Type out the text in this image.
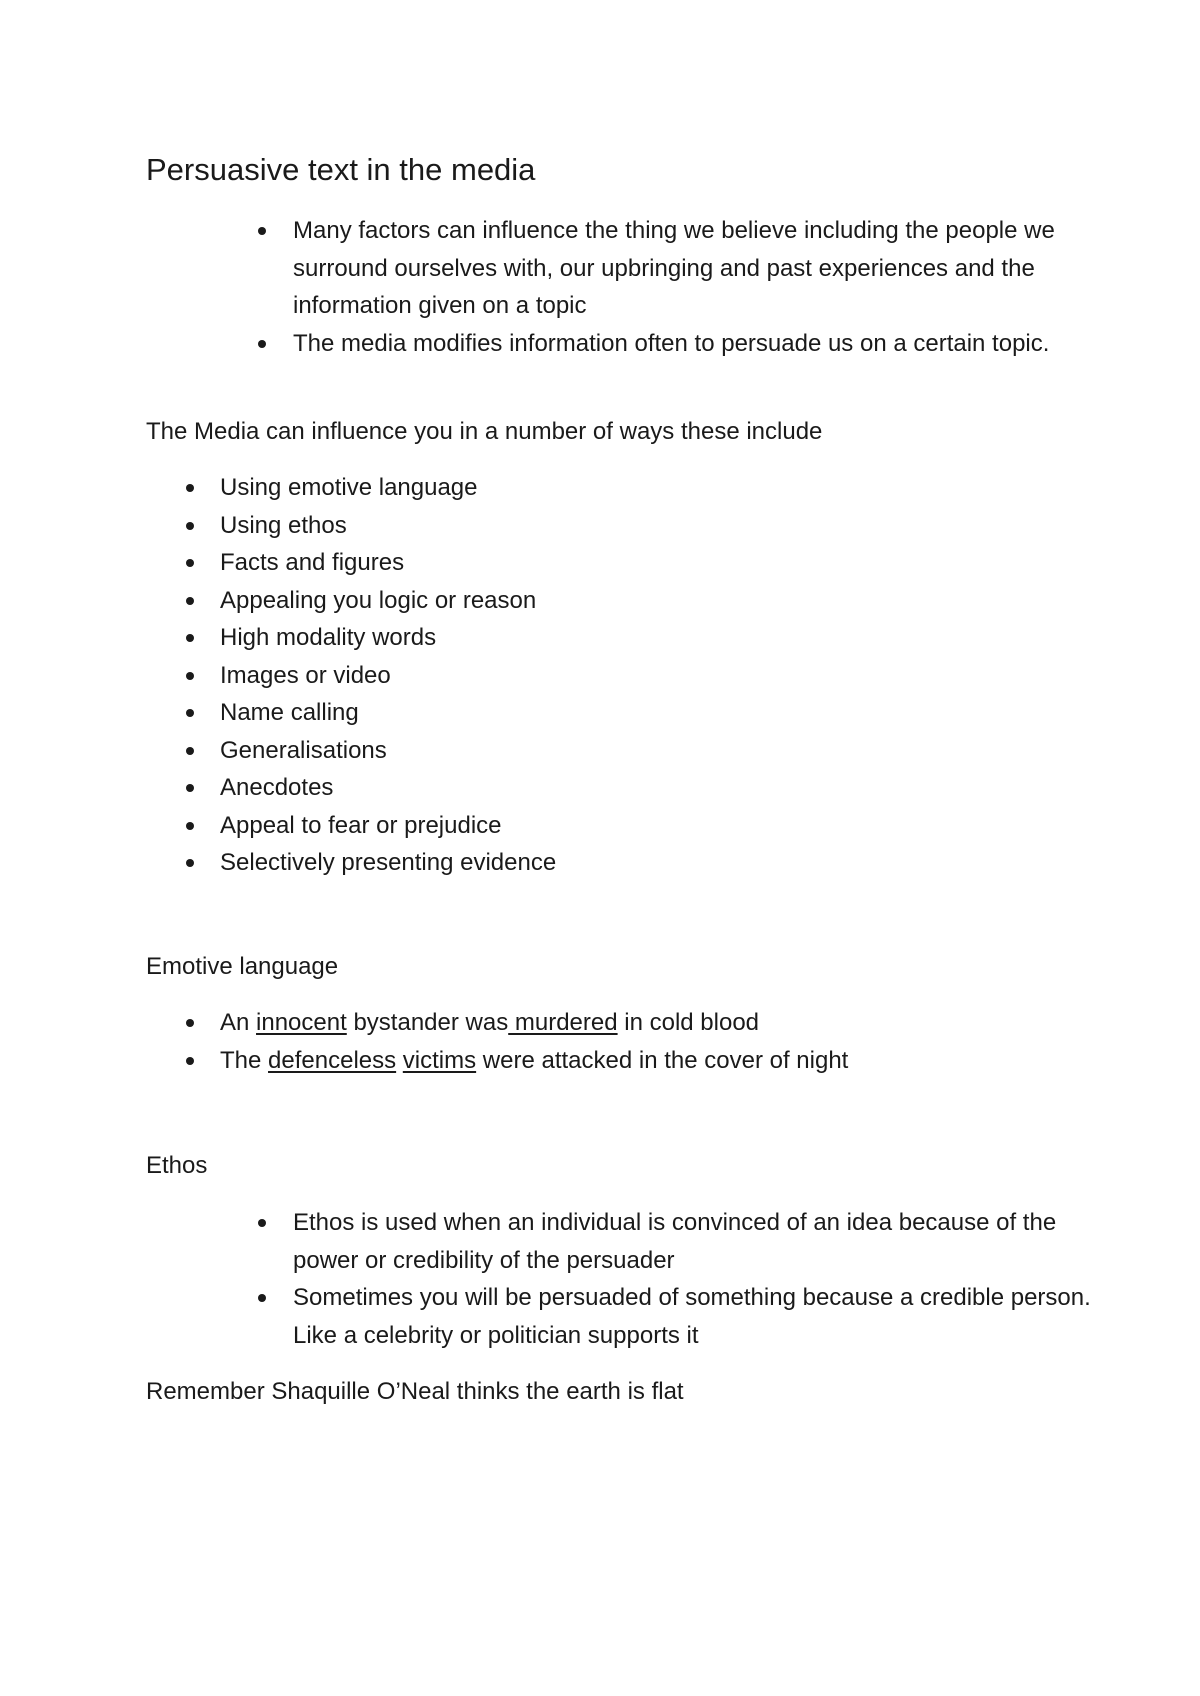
Persuasive text in the media
Many factors can influence the thing we believe including the people we surround ourselves with, our upbringing and past experiences and the information given on a topic
The media modifies information often to persuade us on a certain topic.

The Media can influence you in a number of ways these include

Using emotive language
Using ethos
Facts and figures
Appealing you logic or reason
High modality words
Images or video
Name calling
Generalisations
Anecdotes
Appeal to fear or prejudice
Selectively presenting evidence

Emotive language

An innocent bystander was murdered in cold blood
The defenceless victims were attacked in the cover of night

Ethos

Ethos is used when an individual is convinced of an idea because of the power or credibility of the persuader
Sometimes you will be persuaded of something because a credible person. Like a celebrity or politician supports it

Remember Shaquille O’Neal thinks the earth is flat
